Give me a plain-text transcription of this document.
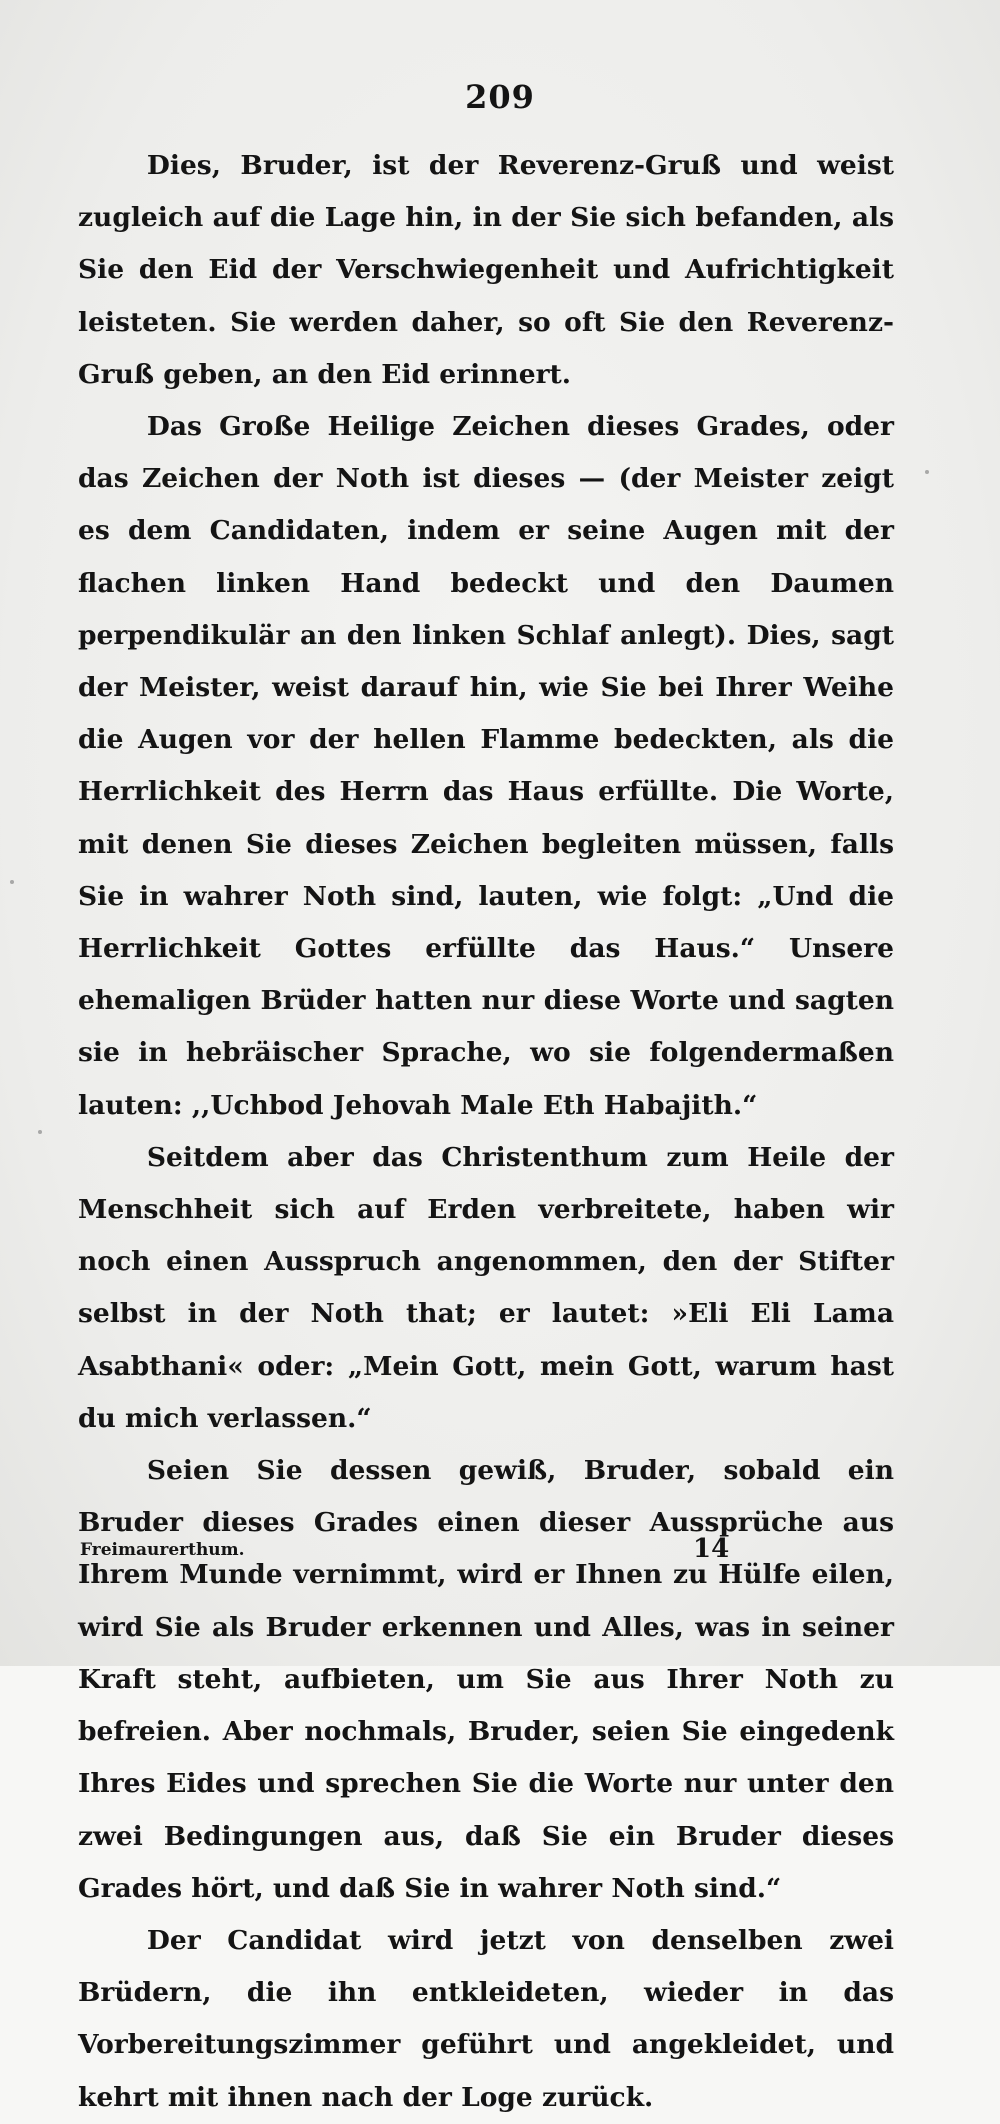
209

Dies, Bruder, ist der Reverenz-Gruß und weist zugleich auf die Lage hin, in der Sie sich befanden, als Sie den Eid der Verschwiegenheit und Aufrichtigkeit leisteten. Sie werden daher, so oft Sie den Reverenz-Gruß geben, an den Eid erinnert.

Das Große Heilige Zeichen dieses Grades, oder das Zeichen der Noth ist dieses — (der Meister zeigt es dem Candidaten, indem er seine Augen mit der flachen linken Hand bedeckt und den Daumen perpendikulär an den linken Schlaf anlegt). Dies, sagt der Meister, weist darauf hin, wie Sie bei Ihrer Weihe die Augen vor der hellen Flamme bedeckten, als die Herrlichkeit des Herrn das Haus erfüllte. Die Worte, mit denen Sie dieses Zeichen begleiten müssen, falls Sie in wahrer Noth sind, lauten, wie folgt: „Und die Herrlichkeit Gottes erfüllte das Haus.“ Unsere ehemaligen Brüder hatten nur diese Worte und sagten sie in hebräischer Sprache, wo sie folgendermaßen lauten: ,,Uchbod Jehovah Male Eth Habajith.“

Seitdem aber das Christenthum zum Heile der Menschheit sich auf Erden verbreitete, haben wir noch einen Ausspruch angenommen, den der Stifter selbst in der Noth that; er lautet: »Eli Eli Lama Asabthani« oder: „Mein Gott, mein Gott, warum hast du mich verlassen.“

Seien Sie dessen gewiß, Bruder, sobald ein Bruder dieses Grades einen dieser Aussprüche aus Ihrem Munde vernimmt, wird er Ihnen zu Hülfe eilen, wird Sie als Bruder erkennen und Alles, was in seiner Kraft steht, aufbieten, um Sie aus Ihrer Noth zu befreien. Aber nochmals, Bruder, seien Sie eingedenk Ihres Eides und sprechen Sie die Worte nur unter den zwei Bedingungen aus, daß Sie ein Bruder dieses Grades hört, und daß Sie in wahrer Noth sind.“

Der Candidat wird jetzt von denselben zwei Brüdern, die ihn entkleideten, wieder in das Vorbereitungszimmer geführt und angekleidet, und kehrt mit ihnen nach der Loge zurück.

Freimaurerthum.	14
